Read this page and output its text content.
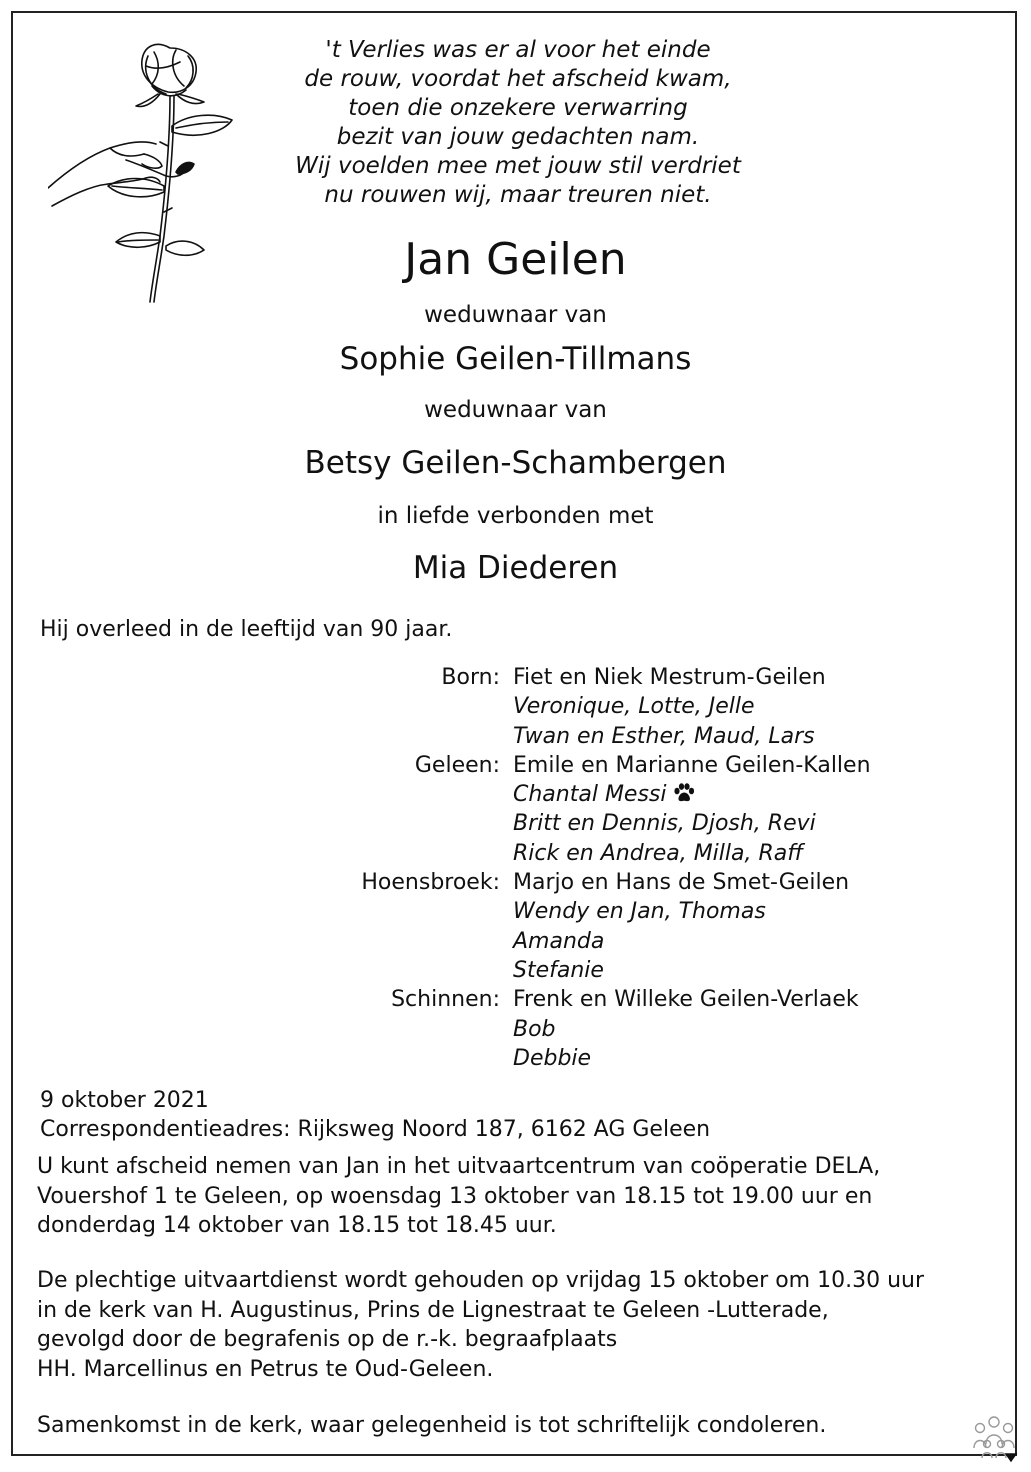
't Verlies was er al voor het einde
de rouw, voordat het afscheid kwam,
toen die onzekere verwarring
bezit van jouw gedachten nam.
Wij voelden mee met jouw stil verdriet
nu rouwen wij, maar treuren niet.
Jan Geilen
weduwnaar van
Sophie Geilen-Tillmans
weduwnaar van
Betsy Geilen-Schambergen
in liefde verbonden met
Mia Diederen
Hij overleed in de leeftijd van 90 jaar.
Born: Fiet en Niek Mestrum-Geilen
Veronique, Lotte, Jelle
Twan en Esther, Maud, Lars
Geleen: Emile en Marianne Geilen-Kallen
Chantal Messi
Britt en Dennis, Djosh, Revi
Rick en Andrea, Milla, Raff
Hoensbroek: Marjo en Hans de Smet-Geilen
Wendy en Jan, Thomas
Amanda
Stefanie
Schinnen: Frenk en Willeke Geilen-Verlaek
Bob
Debbie
9 oktober 2021
Correspondentieadres: Rijksweg Noord 187, 6162 AG Geleen
U kunt afscheid nemen van Jan in het uitvaartcentrum van coöperatie DELA,
Vouershof 1 te Geleen, op woensdag 13 oktober van 18.15 tot 19.00 uur en
donderdag 14 oktober van 18.15 tot 18.45 uur.
De plechtige uitvaartdienst wordt gehouden op vrijdag 15 oktober om 10.30 uur
in de kerk van H. Augustinus, Prins de Lignestraat te Geleen -Lutterade,
gevolgd door de begrafenis op de r.-k. begraafplaats
HH. Marcellinus en Petrus te Oud-Geleen.
Samenkomst in de kerk, waar gelegenheid is tot schriftelijk condoleren.
